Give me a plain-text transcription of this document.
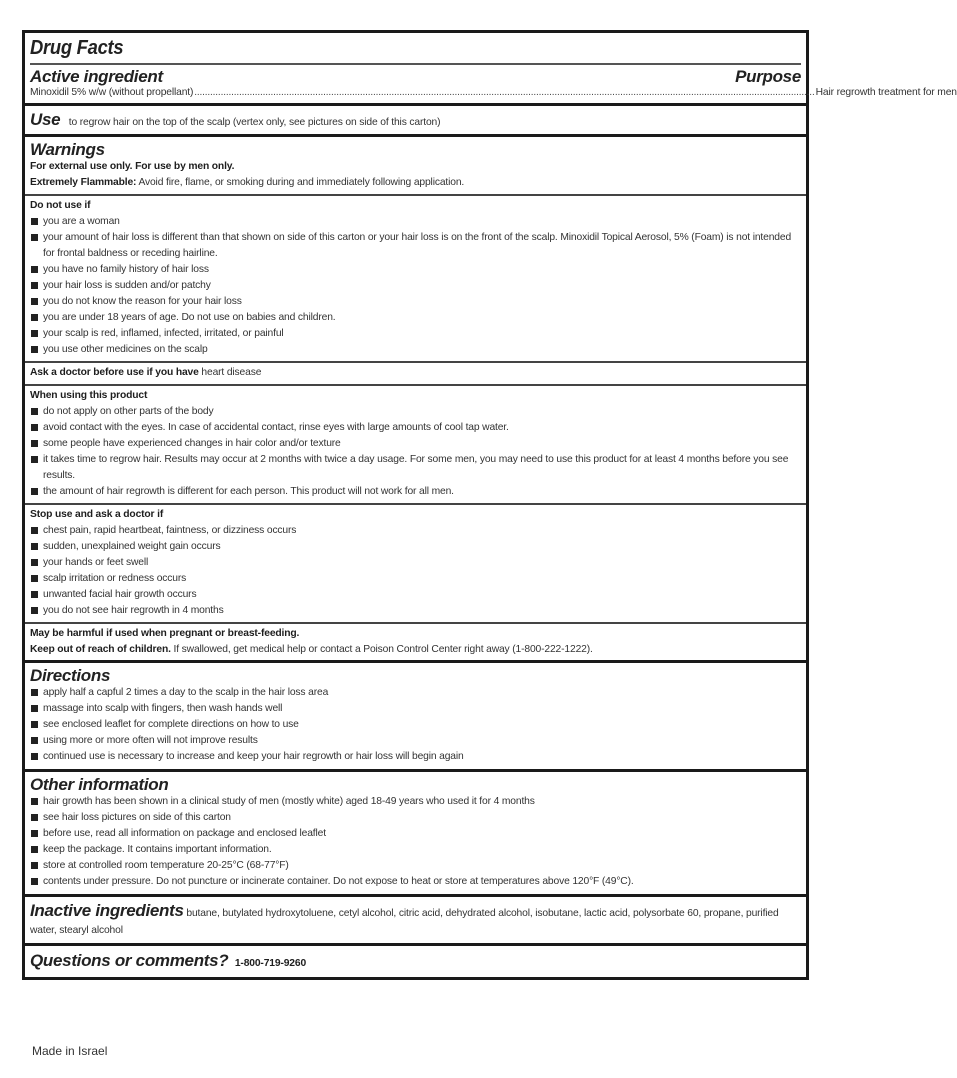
Drug Facts
Active ingredient	Purpose
Minoxidil 5% w/w (without propellant) ............................................................................................................................................................................................................................................ Hair regrowth treatment for men
Use to regrow hair on the top of the scalp (vertex only, see pictures on side of this carton)
Warnings
For external use only. For use by men only.
Extremely Flammable: Avoid fire, flame, or smoking during and immediately following application.
Do not use if
you are a woman
your amount of hair loss is different than that shown on side of this carton or your hair loss is on the front of the scalp. Minoxidil Topical Aerosol, 5% (Foam) is not intended for frontal baldness or receding hairline.
you have no family history of hair loss
your hair loss is sudden and/or patchy
you do not know the reason for your hair loss
you are under 18 years of age. Do not use on babies and children.
your scalp is red, inflamed, infected, irritated, or painful
you use other medicines on the scalp
Ask a doctor before use if you have heart disease
When using this product
do not apply on other parts of the body
avoid contact with the eyes. In case of accidental contact, rinse eyes with large amounts of cool tap water.
some people have experienced changes in hair color and/or texture
it takes time to regrow hair. Results may occur at 2 months with twice a day usage. For some men, you may need to use this product for at least 4 months before you see results.
the amount of hair regrowth is different for each person. This product will not work for all men.
Stop use and ask a doctor if
chest pain, rapid heartbeat, faintness, or dizziness occurs
sudden, unexplained weight gain occurs
your hands or feet swell
scalp irritation or redness occurs
unwanted facial hair growth occurs
you do not see hair regrowth in 4 months
May be harmful if used when pregnant or breast-feeding.
Keep out of reach of children. If swallowed, get medical help or contact a Poison Control Center right away (1-800-222-1222).
Directions
apply half a capful 2 times a day to the scalp in the hair loss area
massage into scalp with fingers, then wash hands well
see enclosed leaflet for complete directions on how to use
using more or more often will not improve results
continued use is necessary to increase and keep your hair regrowth or hair loss will begin again
Other information
hair growth has been shown in a clinical study of men (mostly white) aged 18-49 years who used it for 4 months
see hair loss pictures on side of this carton
before use, read all information on package and enclosed leaflet
keep the package. It contains important information.
store at controlled room temperature 20-25°C (68-77°F)
contents under pressure. Do not puncture or incinerate container. Do not expose to heat or store at temperatures above 120°F (49°C).
Inactive ingredients butane, butylated hydroxytoluene, cetyl alcohol, citric acid, dehydrated alcohol, isobutane, lactic acid, polysorbate 60, propane, purified water, stearyl alcohol
Questions or comments? 1-800-719-9260
Made in Israel
